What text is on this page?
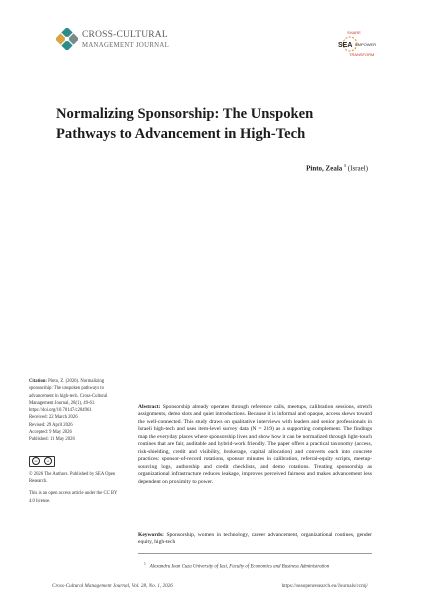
CROSS-CULTURAL
MANAGEMENT JOURNAL
SHARE
SEA EMPOWER
TRANSFORM
Normalizing Sponsorship: The Unspoken Pathways to Advancement in High-Tech
Pinto, Zeala $^1$ (Israel)
Citation: Pinto, Z. (2026). Normalizing sponsorship: The unspoken pathways to advancement in high-tech. Cross-Cultural Management Journal, 28(1), 49-61. https://doi.org/10.70147/c284961
Received: 22 March 2026
Revised: 29 April 2026
Accepted: 9 May 2026
Published: 11 May 2026
cc	●
© 2026 The Authors. Published by SEA Open Research.
This is an open access article under the CC BY 4.0 license.
Abstract: Sponsorship already operates through reference calls, meetups, calibration sessions, stretch assignments, demo slots and quiet introductions. Because it is informal and opaque, access skews toward the well-connected. This study draws on qualitative interviews with leaders and senior professionals in Israeli high-tech and uses item-level survey data (N = 219) as a supporting complement. The findings map the everyday places where sponsorship lives and show how it can be normalized through light-touch routines that are fair, auditable and hybrid-work friendly. The paper offers a practical taxonomy (access, risk-shielding, credit and visibility, brokerage, capital allocation) and converts each into concrete practices: sponsor-of-record rotations, sponsor minutes in calibration, referral-equity scripts, meetup-sourcing logs, authorship and credit checklists, and demo rotations. Treating sponsorship as organizational infrastructure reduces leakage, improves perceived fairness and makes advancement less dependent on proximity to power.
Keywords: Sponsorship, women in technology, career advancement, organizational routines, gender equity, high-tech
$^1$Alexandru Ioan Cuza University of Iasi, Faculty of Economics and Business Administration
Cross-Cultural Management Journal, Vol. 28, No. 1, 2026	https://seaopenresearch.eu/Journals/ccmj/
